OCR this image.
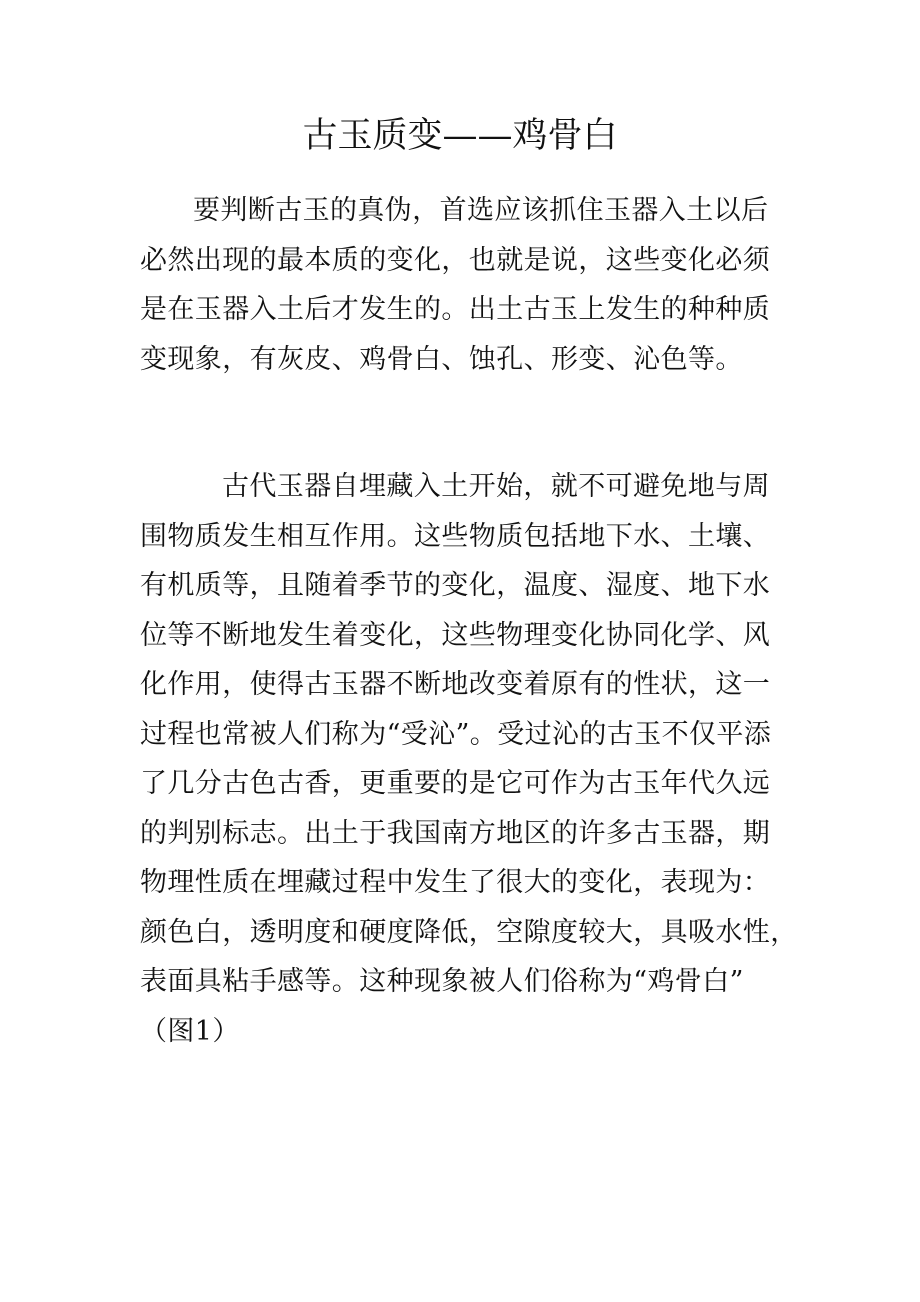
古玉质变——鸡骨白
要判断古玉的真伪，首选应该抓住玉器入土以后
必然出现的最本质的变化，也就是说，这些变化必须
是在玉器入土后才发生的。出土古玉上发生的种种质
变现象，有灰皮、鸡骨白、蚀孔、形变、沁色等。
古代玉器自埋藏入土开始，就不可避免地与周
围物质发生相互作用。这些物质包括地下水、土壤、
有机质等，且随着季节的变化，温度、湿度、地下水
位等不断地发生着变化，这些物理变化协同化学、风
化作用，使得古玉器不断地改变着原有的性状，这一
过程也常被人们称为“受沁”。受过沁的古玉不仅平添
了几分古色古香，更重要的是它可作为古玉年代久远
的判别标志。出土于我国南方地区的许多古玉器，期
物理性质在埋藏过程中发生了很大的变化，表现为：
颜色白，透明度和硬度降低，空隙度较大，具吸水性，
表面具粘手感等。这种现象被人们俗称为“鸡骨白”
（图1）
